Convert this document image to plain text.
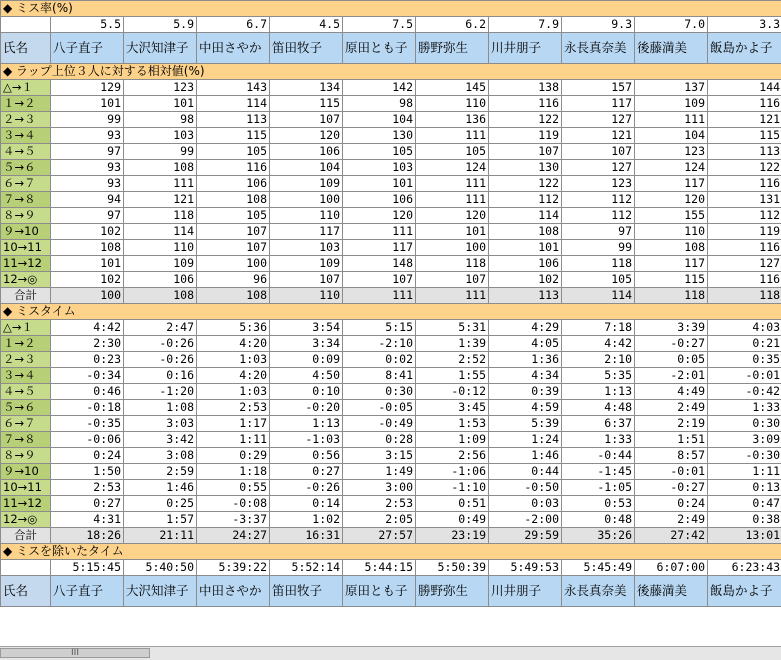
◆ ミス率(%)										
	5.5	5.9	6.7	4.5	7.5	6.2	7.9	9.3	7.0	3.3
氏名	八子直子	大沢知津子	中田さやか	笛田牧子	原田とも子	勝野弥生	川井朋子	永長真奈美	後藤満美	飯島かよ子
◆ ラップ上位３人に対する相対値(%)										
△→１	129	123	143	134	142	145	138	157	137	144
１→２	101	101	114	115	98	110	116	117	109	116
２→３	99	98	113	107	104	136	122	127	111	121
３→４	93	103	115	120	130	111	119	121	104	115
４→５	97	99	105	106	105	105	107	107	123	113
５→６	93	108	116	104	103	124	130	127	124	122
６→７	93	111	106	109	101	111	122	123	117	116
７→８	94	121	108	100	106	111	112	112	120	131
８→９	97	118	105	110	120	120	114	112	155	112
９→10	102	114	107	117	111	101	108	97	110	119
10→11	108	110	107	103	117	100	101	99	108	116
11→12	101	109	100	109	148	118	106	118	117	127
12→◎	102	106	96	107	107	107	102	105	115	116
合計	100	108	108	110	111	111	113	114	118	118
◆ ミスタイム										
△→１	4:42	2:47	5:36	3:54	5:15	5:31	4:29	7:18	3:39	4:03
１→２	2:30	-0:26	4:20	3:34	-2:10	1:39	4:05	4:42	-0:27	0:21
２→３	0:23	-0:26	1:03	0:09	0:02	2:52	1:36	2:10	0:05	0:35
３→４	-0:34	0:16	4:20	4:50	8:41	1:55	4:34	5:35	-2:01	-0:01
４→５	0:46	-1:20	1:03	0:10	0:30	-0:12	0:39	1:13	4:49	-0:42
５→６	-0:18	1:08	2:53	-0:20	-0:05	3:45	4:59	4:48	2:49	1:33
６→７	-0:35	3:03	1:17	1:13	-0:49	1:53	5:39	6:37	2:19	0:30
７→８	-0:06	3:42	1:11	-1:03	0:28	1:09	1:24	1:33	1:51	3:09
８→９	0:24	3:08	0:29	0:56	3:15	2:56	1:46	-0:44	8:57	-0:30
９→10	1:50	2:59	1:18	0:27	1:49	-1:06	0:44	-1:45	-0:01	1:11
10→11	2:53	1:46	0:55	-0:26	3:00	-1:10	-0:50	-1:05	-0:27	0:13
11→12	0:27	0:25	-0:08	0:14	2:53	0:51	0:03	0:53	0:24	0:47
12→◎	4:31	1:57	-3:37	1:02	2:05	0:49	-2:00	0:48	2:49	0:38
合計	18:26	21:11	24:27	16:31	27:57	23:19	29:59	35:26	27:42	13:01
◆ ミスを除いたタイム										
	5:15:45	5:40:50	5:39:22	5:52:14	5:44:15	5:50:39	5:49:53	5:45:49	6:07:00	6:23:43
氏名	八子直子	大沢知津子	中田さやか	笛田牧子	原田とも子	勝野弥生	川井朋子	永長真奈美	後藤満美	飯島かよ子
III
